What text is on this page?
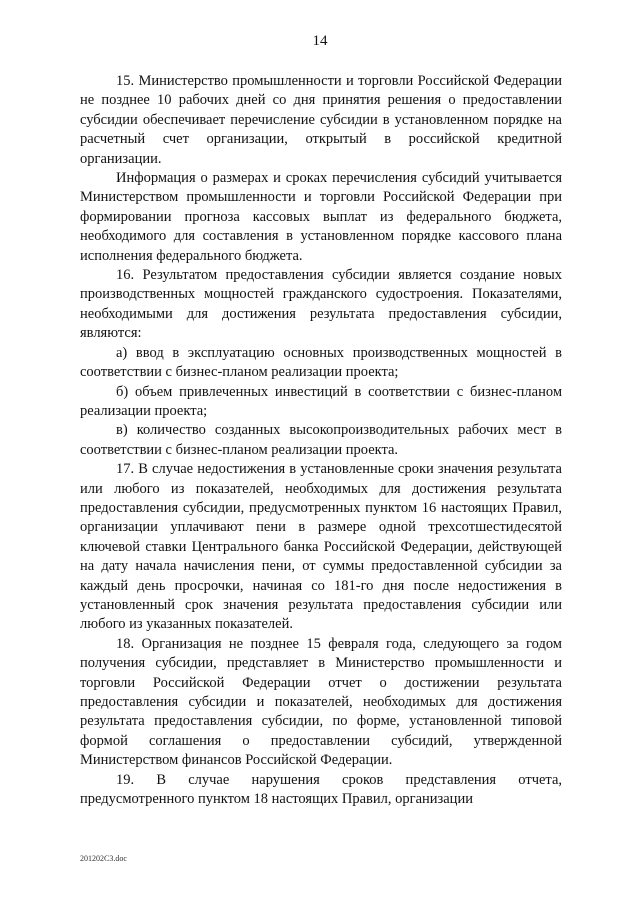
14

15. Министерство промышленности и торговли Российской Федерации не позднее 10 рабочих дней со дня принятия решения о предоставлении субсидии обеспечивает перечисление субсидии в установленном порядке на расчетный счет организации, открытый в российской кредитной организации.

Информация о размерах и сроках перечисления субсидий учитывается Министерством промышленности и торговли Российской Федерации при формировании прогноза кассовых выплат из федерального бюджета, необходимого для составления в установленном порядке кассового плана исполнения федерального бюджета.

16. Результатом предоставления субсидии является создание новых производственных мощностей гражданского судостроения. Показателями, необходимыми для достижения результата предоставления субсидии, являются:

а) ввод в эксплуатацию основных производственных мощностей в соответствии с бизнес-планом реализации проекта;

б) объем привлеченных инвестиций в соответствии с бизнес-планом реализации проекта;

в) количество созданных высокопроизводительных рабочих мест в соответствии с бизнес-планом реализации проекта.

17. В случае недостижения в установленные сроки значения результата или любого из показателей, необходимых для достижения результата предоставления субсидии, предусмотренных пунктом 16 настоящих Правил, организации уплачивают пени в размере одной трехсотшестидесятой ключевой ставки Центрального банка Российской Федерации, действующей на дату начала начисления пени, от суммы предоставленной субсидии за каждый день просрочки, начиная со 181-го дня после недостижения в установленный срок значения результата предоставления субсидии или любого из указанных показателей.

18. Организация не позднее 15 февраля года, следующего за годом получения субсидии, представляет в Министерство промышленности и торговли Российской Федерации отчет о достижении результата предоставления субсидии и показателей, необходимых для достижения результата предоставления субсидии, по форме, установленной типовой формой соглашения о предоставлении субсидий, утвержденной Министерством финансов Российской Федерации.

19. В случае нарушения сроков представления отчета, предусмотренного пунктом 18 настоящих Правил, организации

201202С3.doc
